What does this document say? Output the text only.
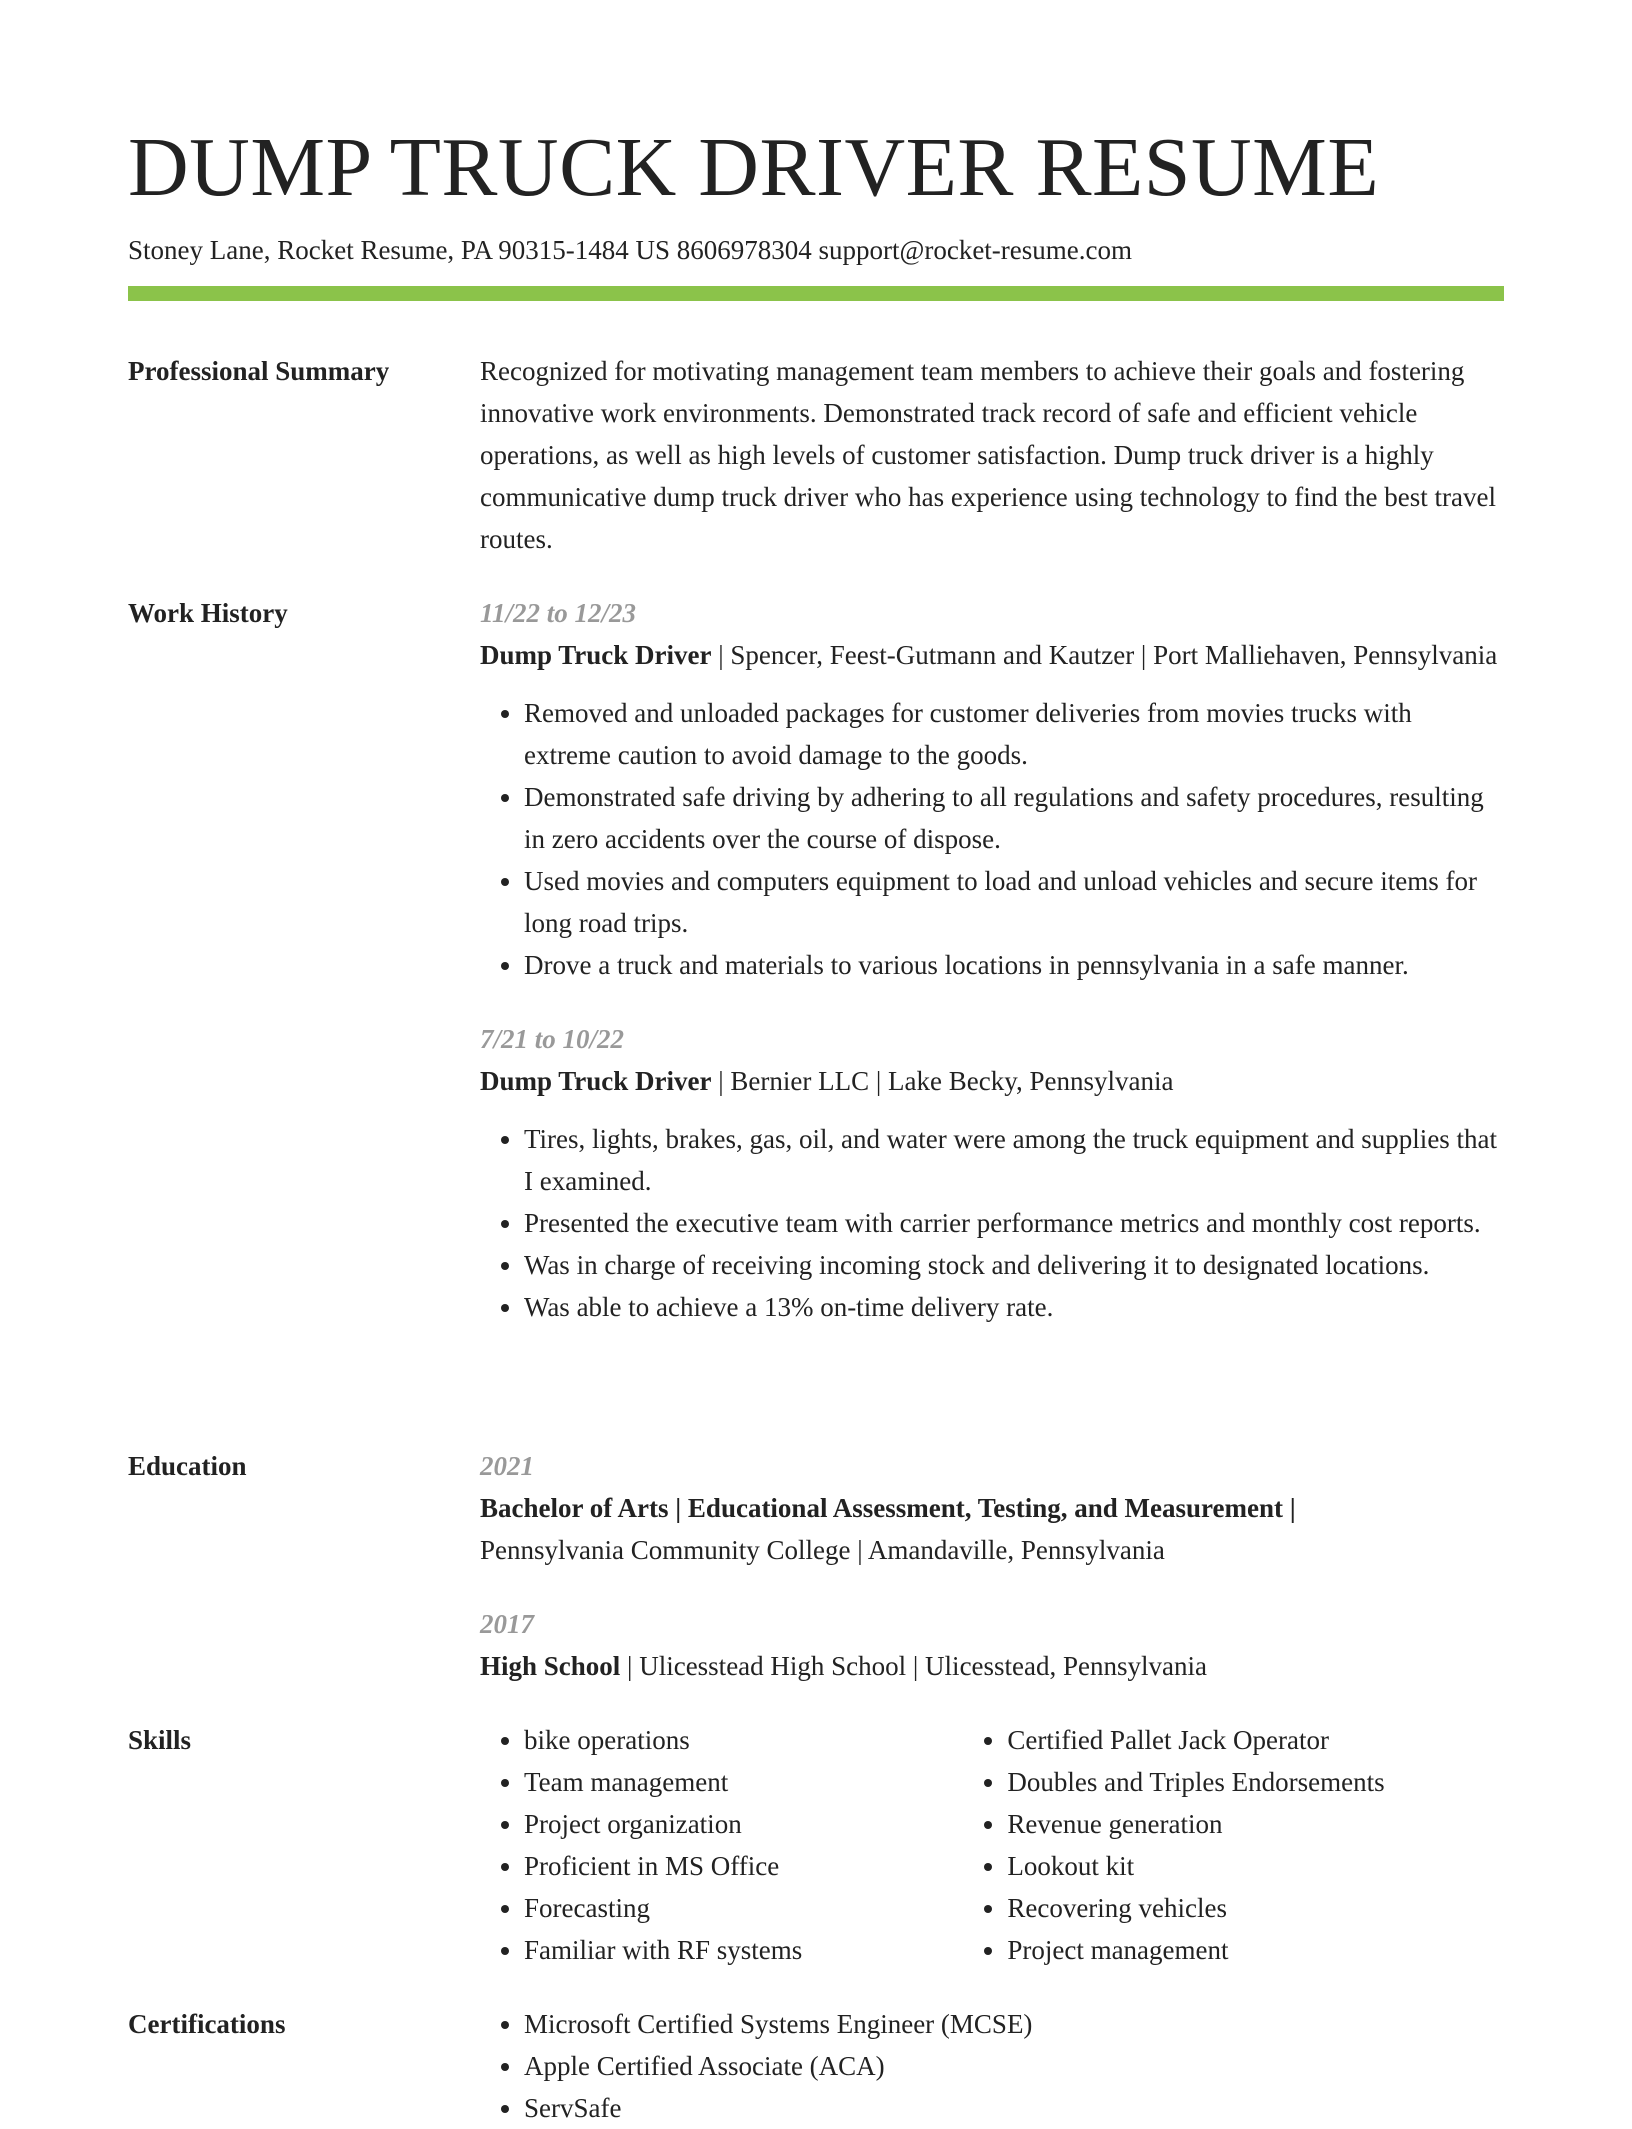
DUMP TRUCK DRIVER RESUME
Stoney Lane, Rocket Resume, PA 90315-1484 US 8606978304 support@rocket-resume.com
Professional Summary	Recognized for motivating management team members to achieve their goals and fostering innovative work environments. Demonstrated track record of safe and efficient vehicle operations, as well as high levels of customer satisfaction. Dump truck driver is a highly communicative dump truck driver who has experience using technology to find the best travel routes.

Work History	11/22 to 12/23
Dump Truck Driver | Spencer, Feest-Gutmann and Kautzer | Port Malliehaven, Pennsylvania
• Removed and unloaded packages for customer deliveries from movies trucks with extreme caution to avoid damage to the goods.
• Demonstrated safe driving by adhering to all regulations and safety procedures, resulting in zero accidents over the course of dispose.
• Used movies and computers equipment to load and unload vehicles and secure items for long road trips.
• Drove a truck and materials to various locations in pennsylvania in a safe manner.
7/21 to 10/22
Dump Truck Driver | Bernier LLC | Lake Becky, Pennsylvania
• Tires, lights, brakes, gas, oil, and water were among the truck equipment and supplies that I examined.
• Presented the executive team with carrier performance metrics and monthly cost reports.
• Was in charge of receiving incoming stock and delivering it to designated locations.
• Was able to achieve a 13% on-time delivery rate.
Education	2021
Bachelor of Arts | Educational Assessment, Testing, and Measurement |
Pennsylvania Community College | Amandaville, Pennsylvania
2017
High School | Ulicesstead High School | Ulicesstead, Pennsylvania
Skills	• bike operations
• Team management
• Project organization
• Proficient in MS Office
• Forecasting
• Familiar with RF systems
• Certified Pallet Jack Operator
• Doubles and Triples Endorsements
• Revenue generation
• Lookout kit
• Recovering vehicles
• Project management
Certifications	• Microsoft Certified Systems Engineer (MCSE)
• Apple Certified Associate (ACA)
• ServSafe
